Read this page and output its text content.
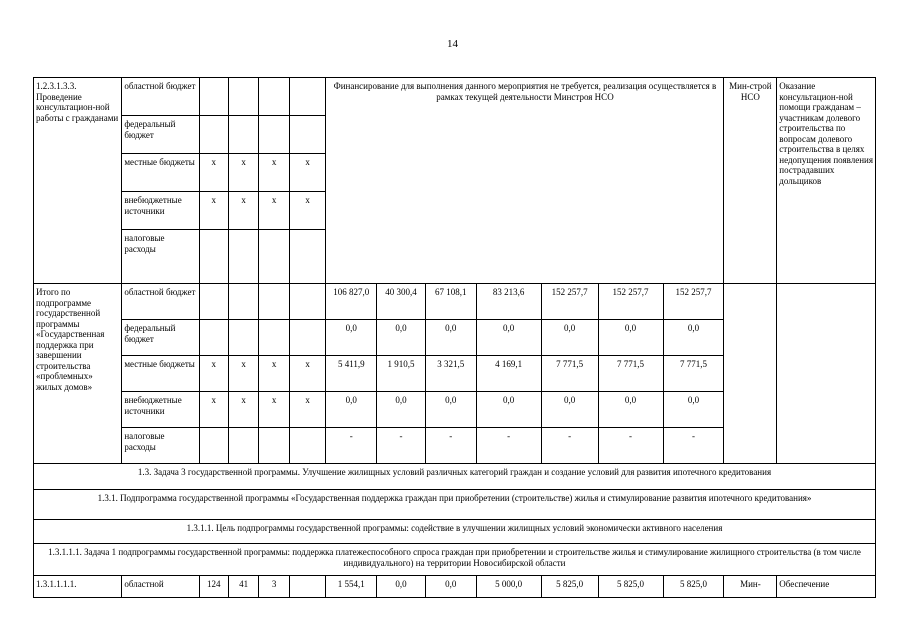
14
1.2.3.1.3.3. Проведение консультацион-ной работы с гражданами	областной бюджет					Финансирование для выполнения данного мероприятия не требуется, реализация осуществляется в рамках текущей деятельности Минстроя НСО							Мин-строй НСО	Оказание консультацион-ной помощи гражданам – участникам долевого строительства по вопросам долевого строительства в целях недопущения появления пострадавших дольщиков
	федеральный бюджет													
	местные бюджеты	x	x	x	x									
	внебюджетные источники	x	x	x	x									
	налоговые расходы													
Итого по подпрограмме государственной программы «Государственная поддержка при завершении строительства «проблемных» жилых домов»	областной бюджет					106 827,0	40 300,4	67 108,1	83 213,6	152 257,7	152 257,7	152 257,7		
	федеральный бюджет					0,0	0,0	0,0	0,0	0,0	0,0	0,0		
	местные бюджеты	x	x	x	x	5 411,9	1 910,5	3 321,5	4 169,1	7 771,5	7 771,5	7 771,5		
	внебюджетные источники	x	x	x	x	0,0	0,0	0,0	0,0	0,0	0,0	0,0		
	налоговые расходы					-	-	-	-	-	-	-		
1.3. Задача 3 государственной программы. Улучшение жилищных условий различных категорий граждан и создание условий для развития ипотечного кредитования														
1.3.1. Подпрограмма государственной программы «Государственная поддержка граждан при приобретении (строительстве) жилья и стимулирование развития ипотечного кредитования»														
1.3.1.1. Цель подпрограммы государственной программы: содействие в улучшении жилищных условий экономически активного населения														
1.3.1.1.1. Задача 1 подпрограммы государственной программы: поддержка платежеспособного спроса граждан при приобретении и строительстве жилья и стимулирование жилищного строительства (в том числе индивидуального) на территории Новосибирской области														
1.3.1.1.1.1.	областной	124	41	3		1 554,1	0,0	0,0	5 000,0	5 825,0	5 825,0	5 825,0	Мин-	Обеспечение
